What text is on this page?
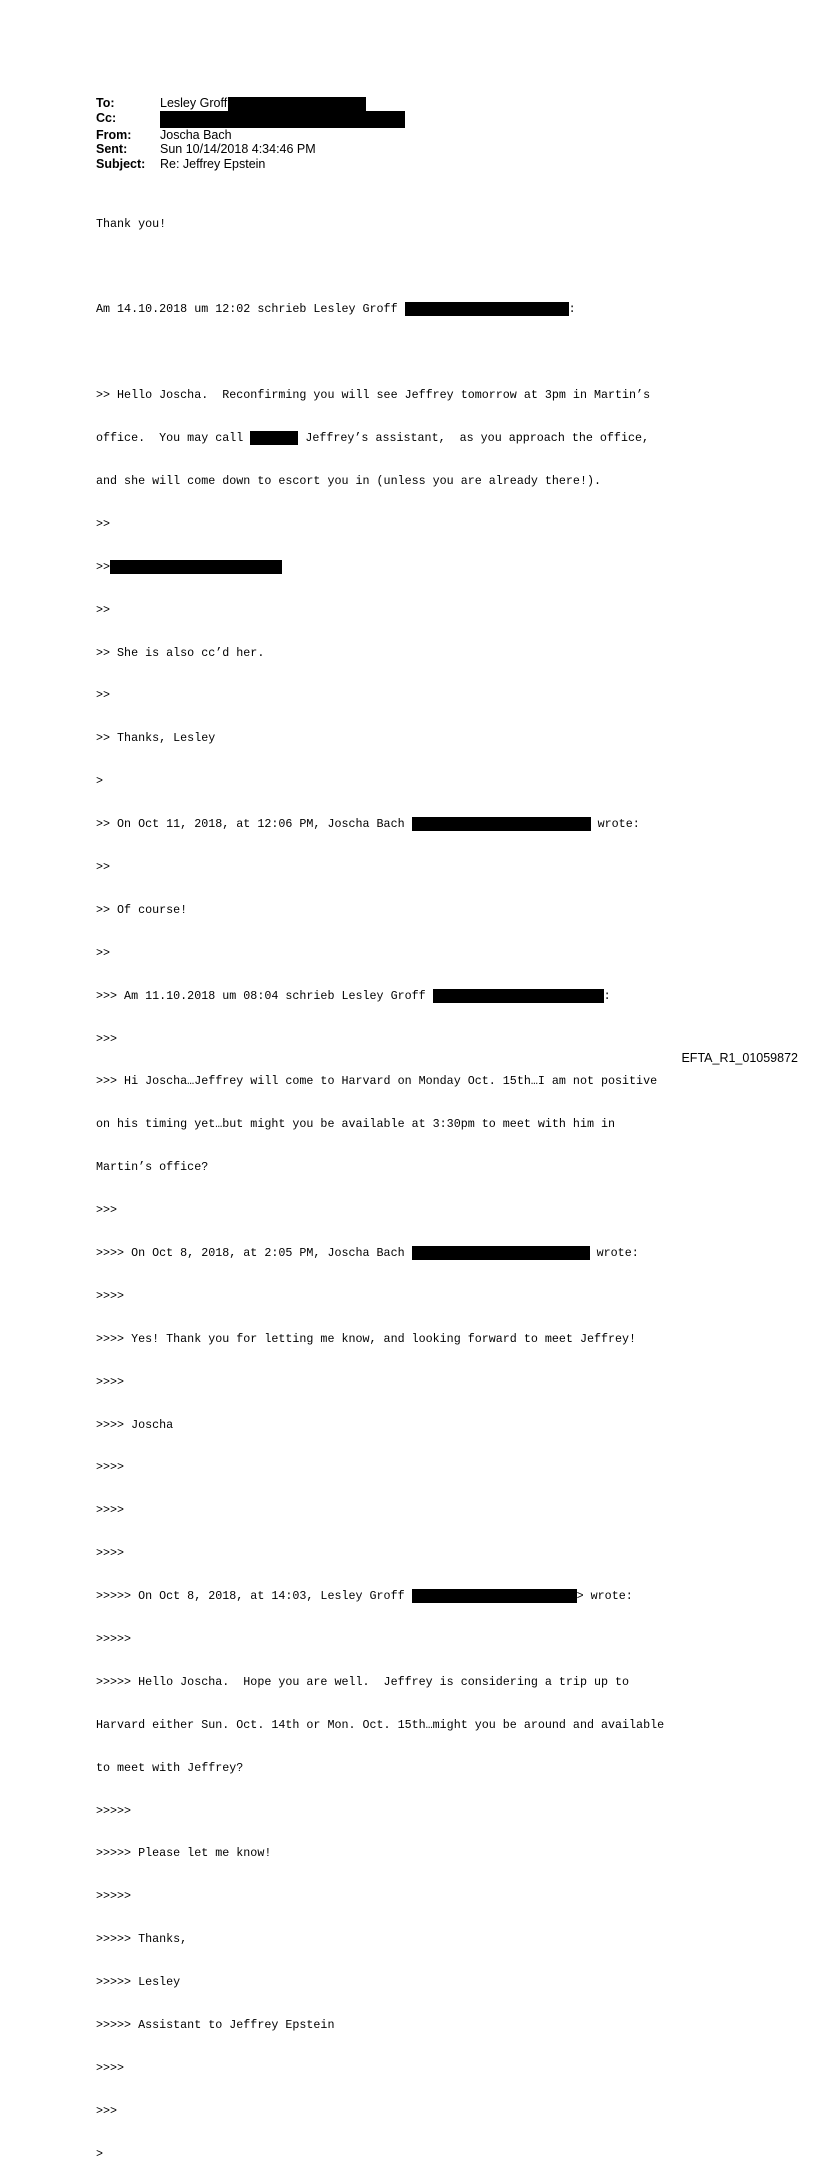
To:	Lesley Groff
Cc:
From:	Joscha Bach
Sent:	Sun 10/14/2018 4:34:46 PM
Subject:	Re: Jeffrey Epstein

Thank you!

Am 14.10.2018 um 12:02 schrieb Lesley Groff	:

>> Hello Joscha.  Reconfirming you will see Jeffrey tomorrow at 3pm in Martin’s

office.  You may call	Jeffrey’s assistant,  as you approach the office,

and she will come down to escort you in (unless you are already there!).

>>

>>

>>

>> She is also cc’d her.

>>

>> Thanks, Lesley

>

>> On Oct 11, 2018, at 12:06 PM, Joscha Bach	wrote:

>>

>> Of course!

>>

>>> Am 11.10.2018 um 08:04 schrieb Lesley Groff	:

>>>

>>> Hi Joscha…Jeffrey will come to Harvard on Monday Oct. 15th…I am not positive

on his timing yet…but might you be available at 3:30pm to meet with him in

Martin’s office?

>>>

>>>> On Oct 8, 2018, at 2:05 PM, Joscha Bach	wrote:

>>>>

>>>> Yes! Thank you for letting me know, and looking forward to meet Jeffrey!

>>>>

>>>> Joscha

>>>>

>>>>

>>>>

>>>>> On Oct 8, 2018, at 14:03, Lesley Groff	> wrote:

>>>>>

>>>>> Hello Joscha.  Hope you are well.  Jeffrey is considering a trip up to

Harvard either Sun. Oct. 14th or Mon. Oct. 15th…might you be around and available

to meet with Jeffrey?

>>>>>

>>>>> Please let me know!

>>>>>

>>>>> Thanks,

>>>>> Lesley

>>>>> Assistant to Jeffrey Epstein

>>>>

>>>

>

EFTA_R1_01059872
